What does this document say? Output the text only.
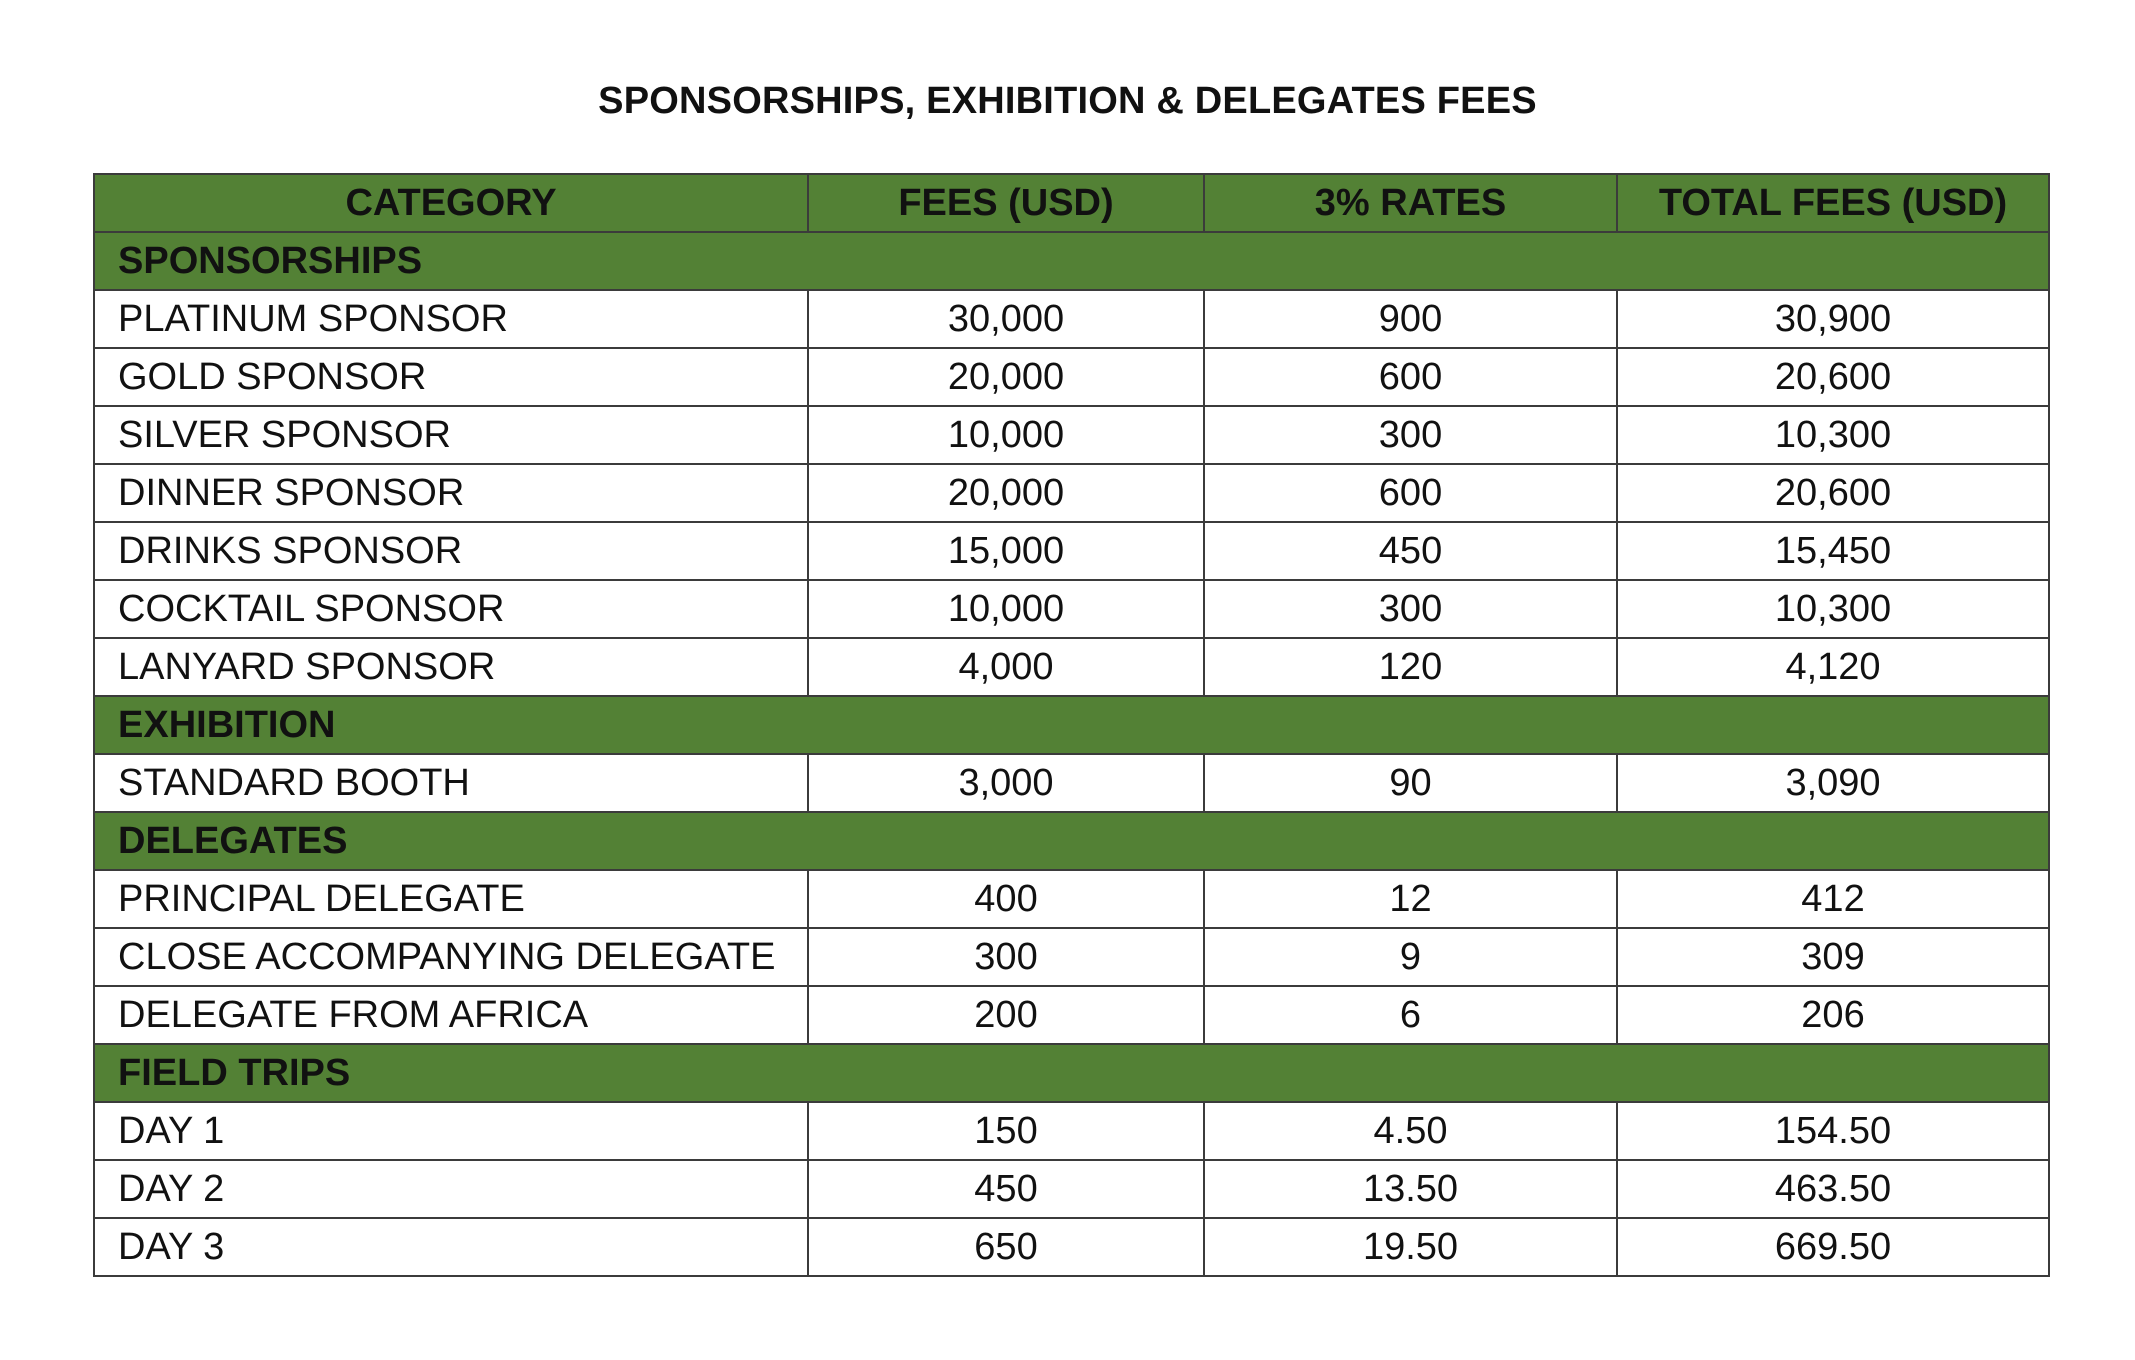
SPONSORSHIPS, EXHIBITION & DELEGATES FEES
CATEGORY	FEES (USD)	3% RATES	TOTAL FEES (USD)
SPONSORSHIPS			
PLATINUM SPONSOR	30,000	900	30,900
GOLD SPONSOR	20,000	600	20,600
SILVER SPONSOR	10,000	300	10,300
DINNER SPONSOR	20,000	600	20,600
DRINKS SPONSOR	15,000	450	15,450
COCKTAIL SPONSOR	10,000	300	10,300
LANYARD SPONSOR	4,000	120	4,120
EXHIBITION			
STANDARD BOOTH	3,000	90	3,090
DELEGATES			
PRINCIPAL DELEGATE	400	12	412
CLOSE ACCOMPANYING DELEGATE	300	9	309
DELEGATE FROM AFRICA	200	6	206
FIELD TRIPS			
DAY 1	150	4.50	154.50
DAY 2	450	13.50	463.50
DAY 3	650	19.50	669.50
